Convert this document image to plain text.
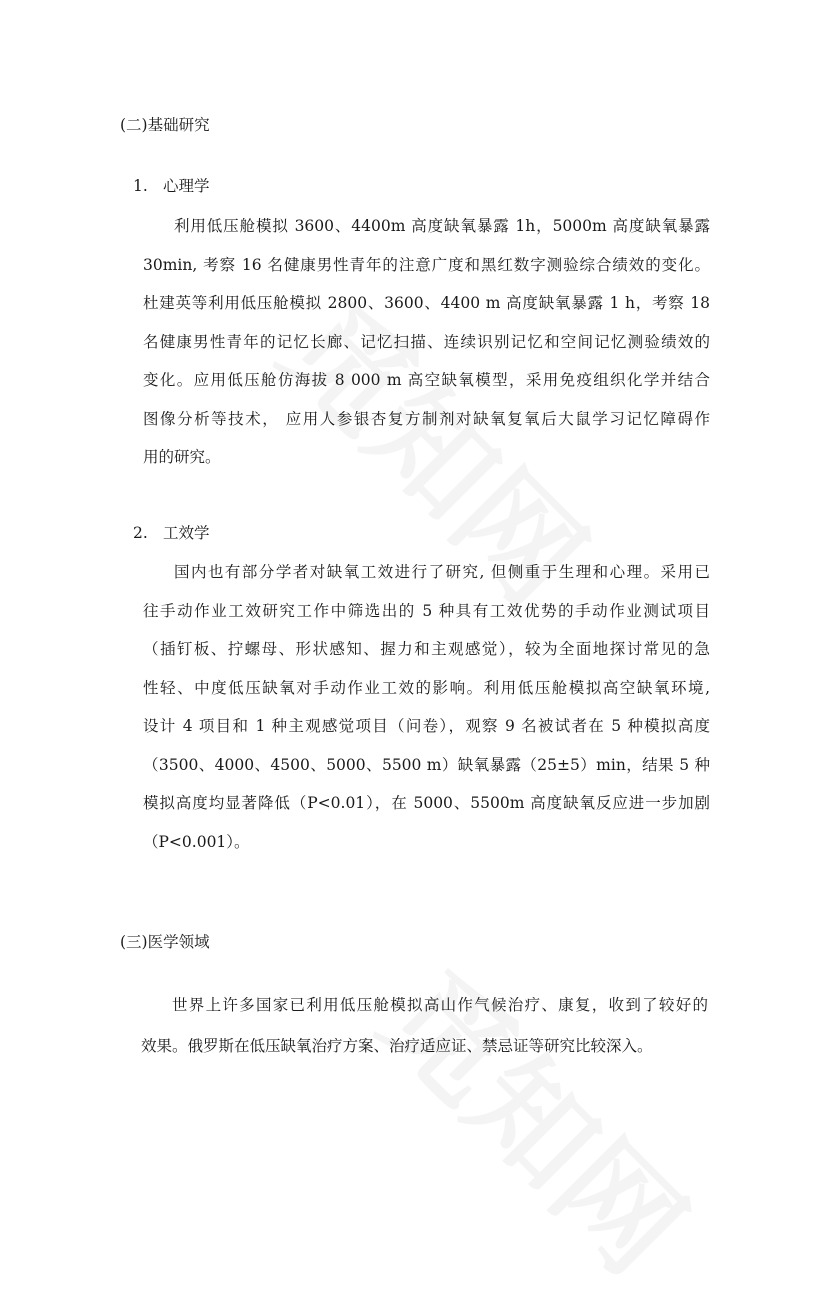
(二)基础研究
1. 心理学
利用低压舱模拟 3600、4400m 高度缺氧暴露 1h，5000m 高度缺氧暴露
30min, 考察 16 名健康男性青年的注意广度和黑红数字测验综合绩效的变化。
杜建英等利用低压舱模拟 2800、3600、4400 m 高度缺氧暴露 1 h，考察 18
名健康男性青年的记忆长廊、记忆扫描、连续识别记忆和空间记忆测验绩效的
变化。应用低压舱仿海拔 8 000 m 高空缺氧模型，采用免疫组织化学并结合
图像分析等技术， 应用人参银杏复方制剂对缺氧复氧后大鼠学习记忆障碍作
用的研究。
2. 工效学
国内也有部分学者对缺氧工效进行了研究, 但侧重于生理和心理。采用已
往手动作业工效研究工作中筛选出的 5 种具有工效优势的手动作业测试项目
（插钉板、拧螺母、形状感知、握力和主观感觉），较为全面地探讨常见的急
性轻、中度低压缺氧对手动作业工效的影响。利用低压舱模拟高空缺氧环境,
设计 4 项目和 1 种主观感觉项目（问卷），观察 9 名被试者在 5 种模拟高度
（3500、4000、4500、5000、5500 m）缺氧暴露（25±5）min，结果 5 种
模拟高度均显著降低（P<0.01），在 5000、5500m 高度缺氧反应进一步加剧
（P<0.001）。
(三)医学领域
世界上许多国家已利用低压舱模拟高山作气候治疗、康复，收到了较好的
效果。俄罗斯在低压缺氧治疗方案、治疗适应证、禁忌证等研究比较深入。
